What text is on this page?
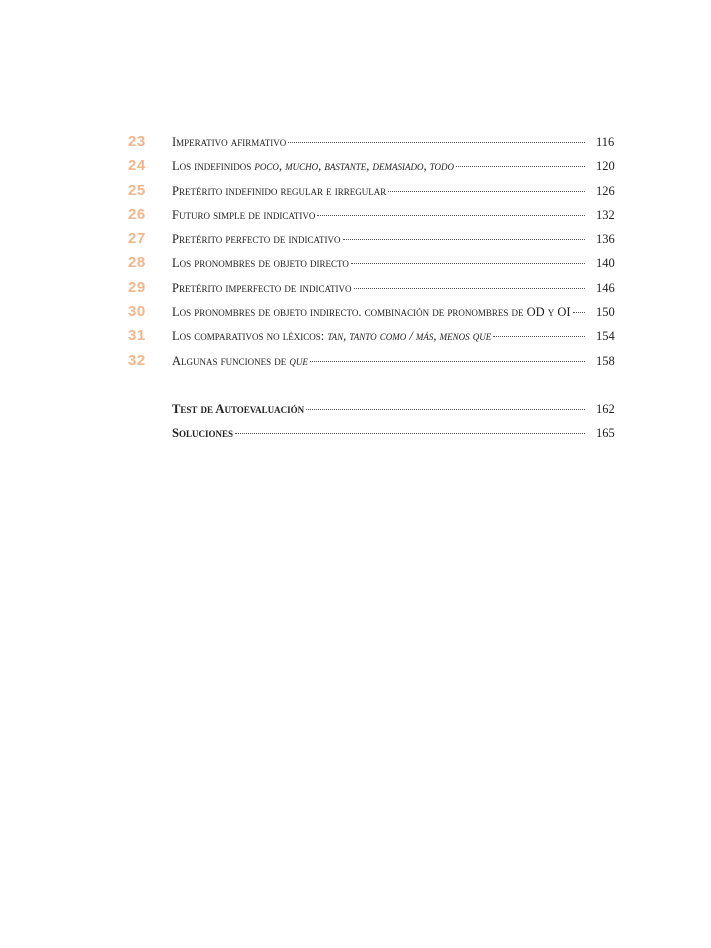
23	Imperativo afirmativo	116
24	Los indefinidos poco, mucho, bastante, demasiado, todo	120
25	Pretérito indefinido regular e irregular	126
26	Futuro simple de indicativo	132
27	Pretérito perfecto de indicativo	136
28	Los pronombres de objeto directo	140
29	Pretérito imperfecto de indicativo	146
30	Los pronombres de objeto indirecto. combinación de pronombres de OD y OI 150
31	Los comparativos no léxicos: tan, tanto como / más, menos que	154
32	Algunas funciones de que	158
Test de Autoevaluación	162
Soluciones	165
